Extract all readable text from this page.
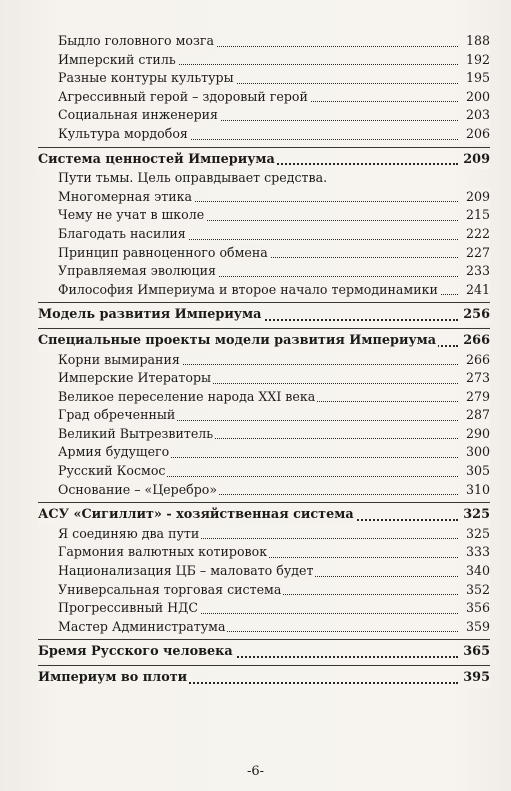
Быдло головного мозга	188
Имперский стиль	192
Разные контуры культуры	195
Агрессивный герой – здоровый герой	200
Социальная инженерия	203
Культура мордобоя	206
Система ценностей Империума	209
Пути тьмы. Цель оправдывает средства.
Многомерная этика	209
Чему не учат в школе	215
Благодать насилия	222
Принцип равноценного обмена	227
Управляемая эволюция	233
Философия Империума и второе начало термодинамики	241
Модель развития Империума	256
Специальные проекты модели развития Империума 266
Корни вымирания	266
Имперские Итераторы	273
Великое переселение народа XXI века	279
Град обреченный	287
Великий Вытрезвитель	290
Армия будущего	300
Русский Космос	305
Основание – «Церебро»	310
АСУ «Сигиллит» - хозяйственная система	325
Я соединяю два пути	325
Гармония валютных котировок	333
Национализация ЦБ – маловато будет	340
Универсальная торговая система	352
Прогрессивный НДС	356
Мастер Администратума	359
Бремя Русского человека	365
Империум во плоти	395
-6-
